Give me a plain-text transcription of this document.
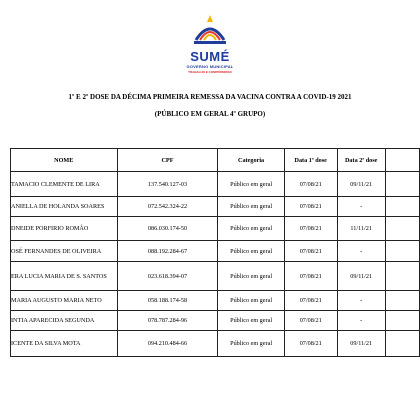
SUMÉ
GOVERNO MUNICIPAL
TRABALHO E COMPROMISSO
1º E 2º DOSE DA DÉCIMA PRIMEIRA REMESSA DA VACINA CONTRA A COVID-19 2021
(PÚBLICO EM GERAL 4º GRUPO)
NOME	CPF	Categoria	Data 1ª dose	Data 2ª dose	
TAMACIO CLEMENTE DE LIRA	137.540.127-03	Público em geral	07/08/21	09/11/21	
ANIELLA DE HOLANDA SOARES	072.542.324-22	Público em geral	07/08/21	-	
DNEIDE PORFIRIO ROMÃO	086.030.174-50	Público em geral	07/08/21	11/11/21	
OSÉ FERNANDES DE OLIVEIRA	088.192.284-67	Público em geral	07/08/21	-	
ERA LUCIA MARIA DE S. SANTOS	023.618.394-07	Público em geral	07/08/21	09/11/21	
MARIA AUGUSTO MARIA NETO	058.188.174-58	Público em geral	07/08/21	-	
INTIA APARECIDA SEGUNDA	078.787.284-96	Público em geral	07/08/21	-	
ICENTE DA SILVA MOTA	094.210.484-66	Público em geral	07/08/21	09/11/21	
